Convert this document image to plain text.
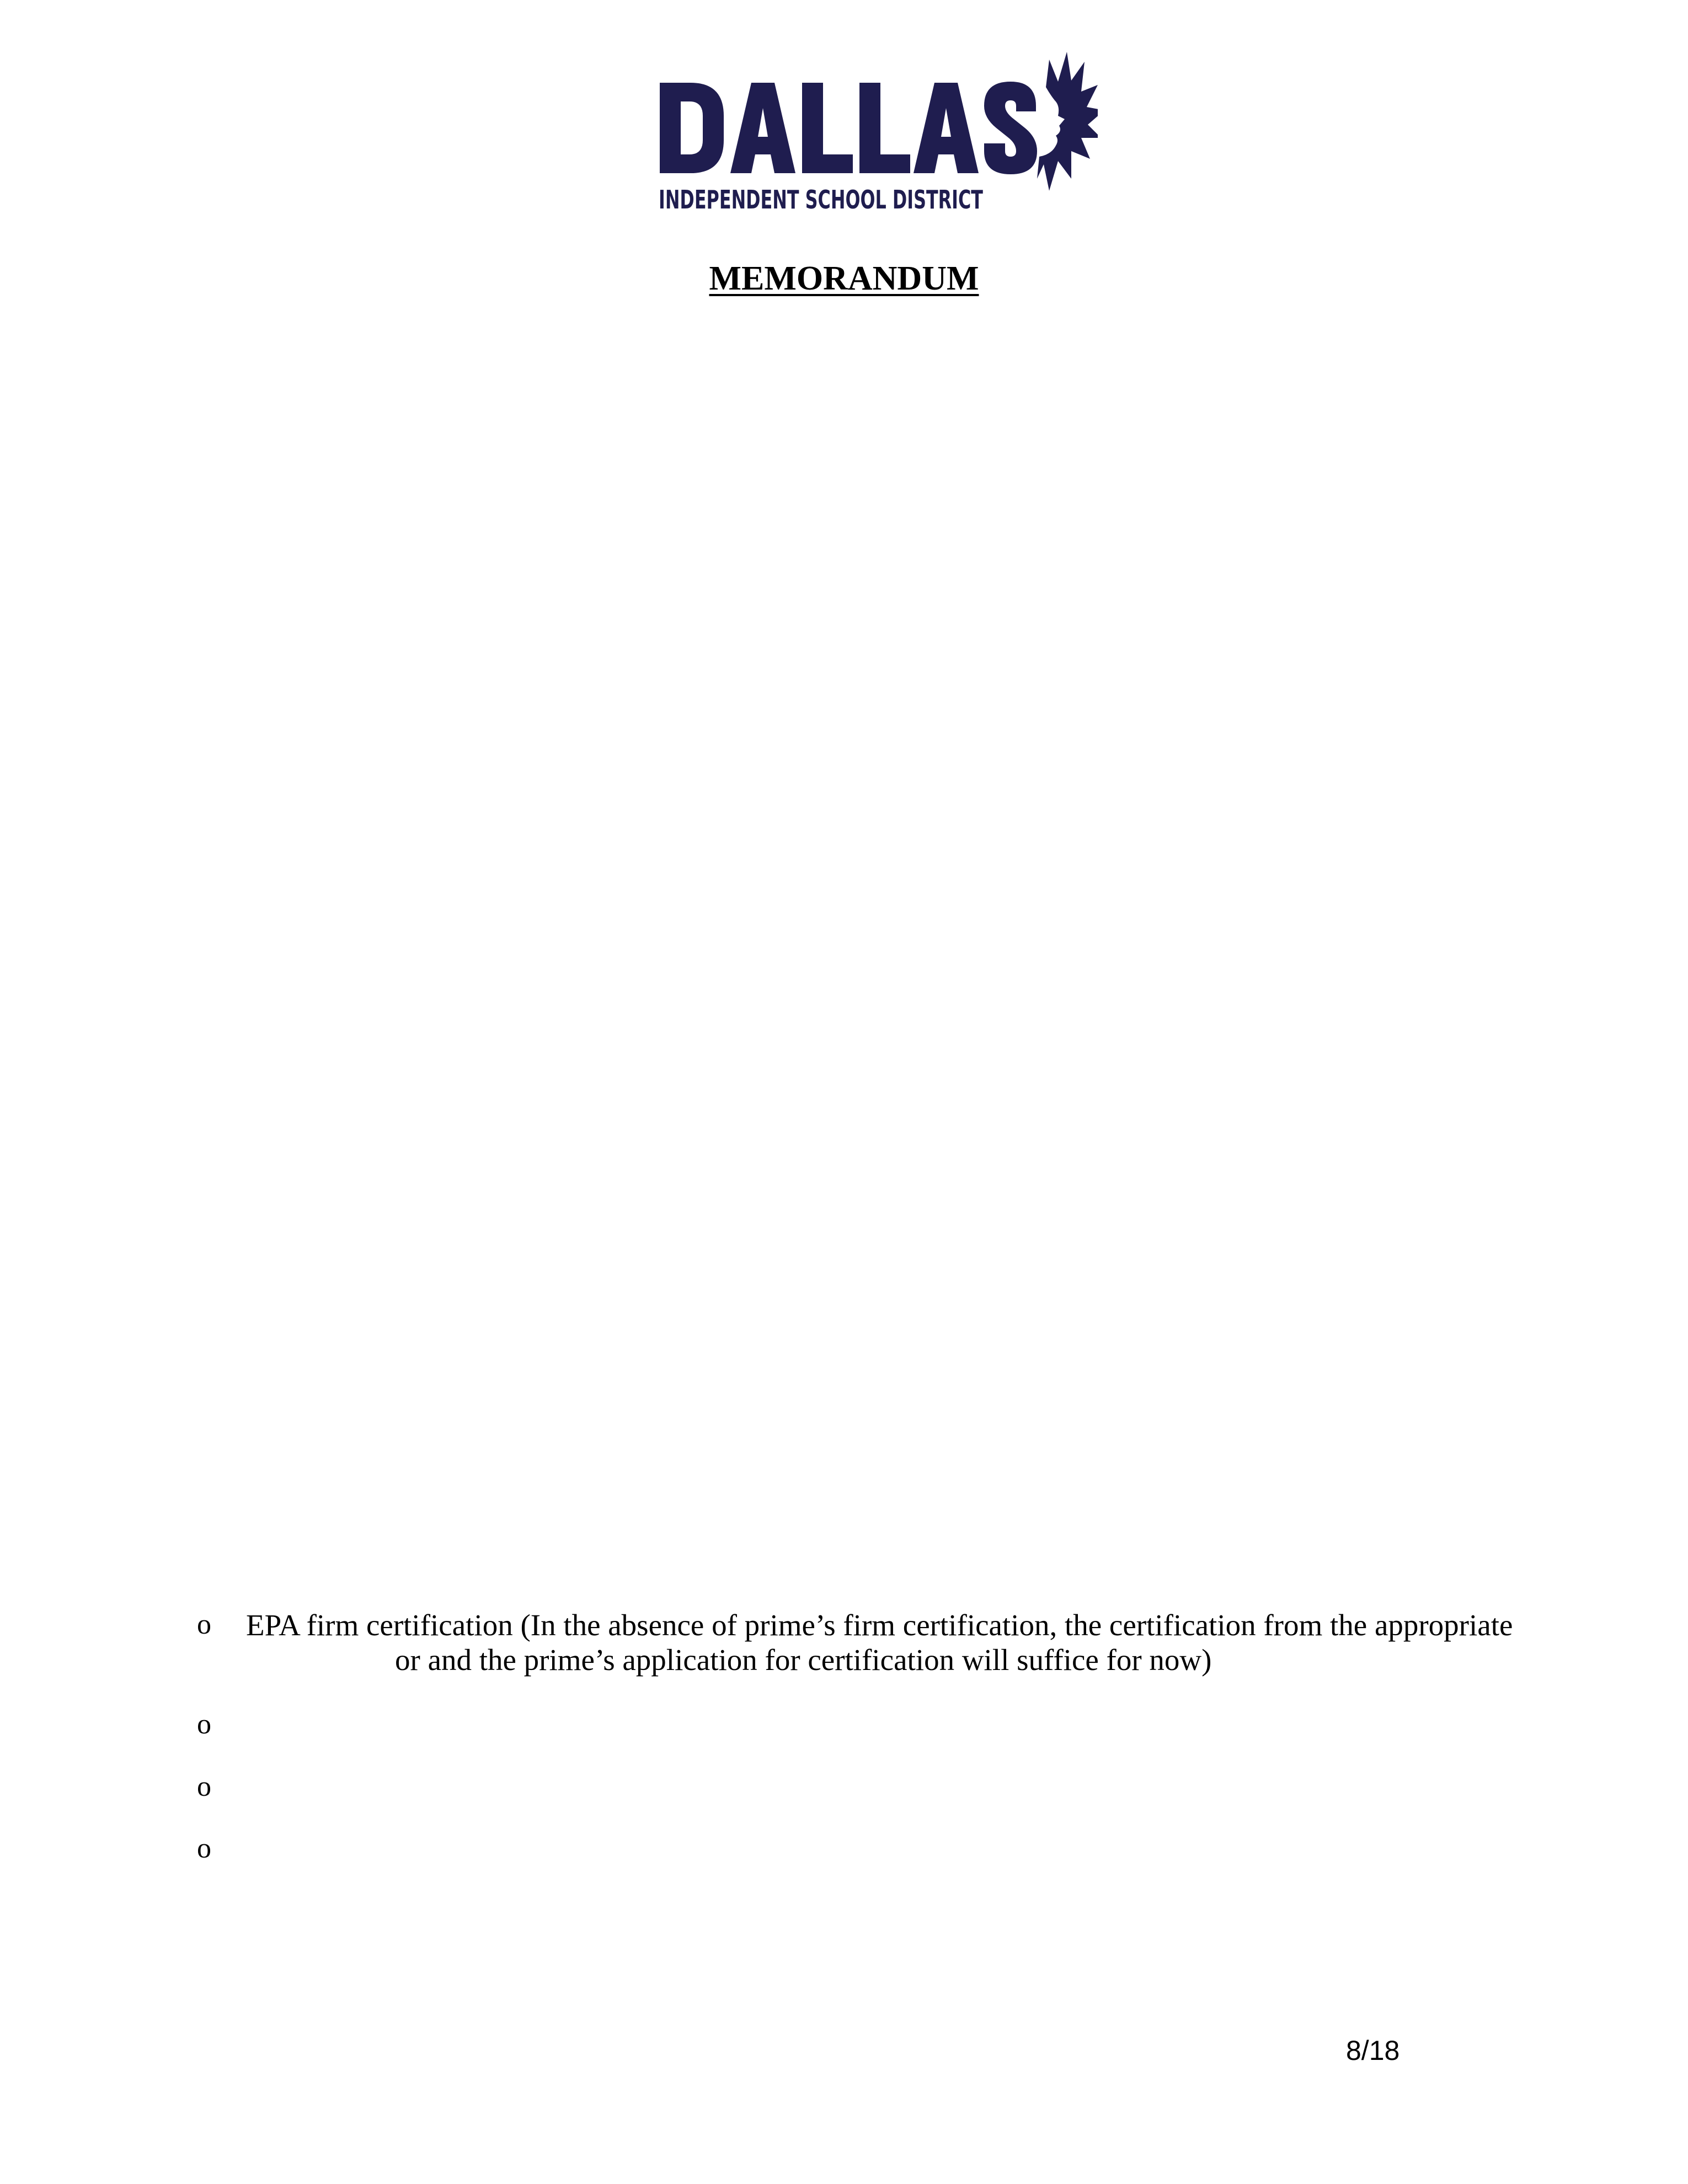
INDEPENDENT SCHOOL DISTRICT
MEMORANDUM
o EPA firm certification (In the absence of prime’s firm certification, the certification from the appropriate
or and the prime’s application for certification will suffice for now)
o
o
o
8/18
